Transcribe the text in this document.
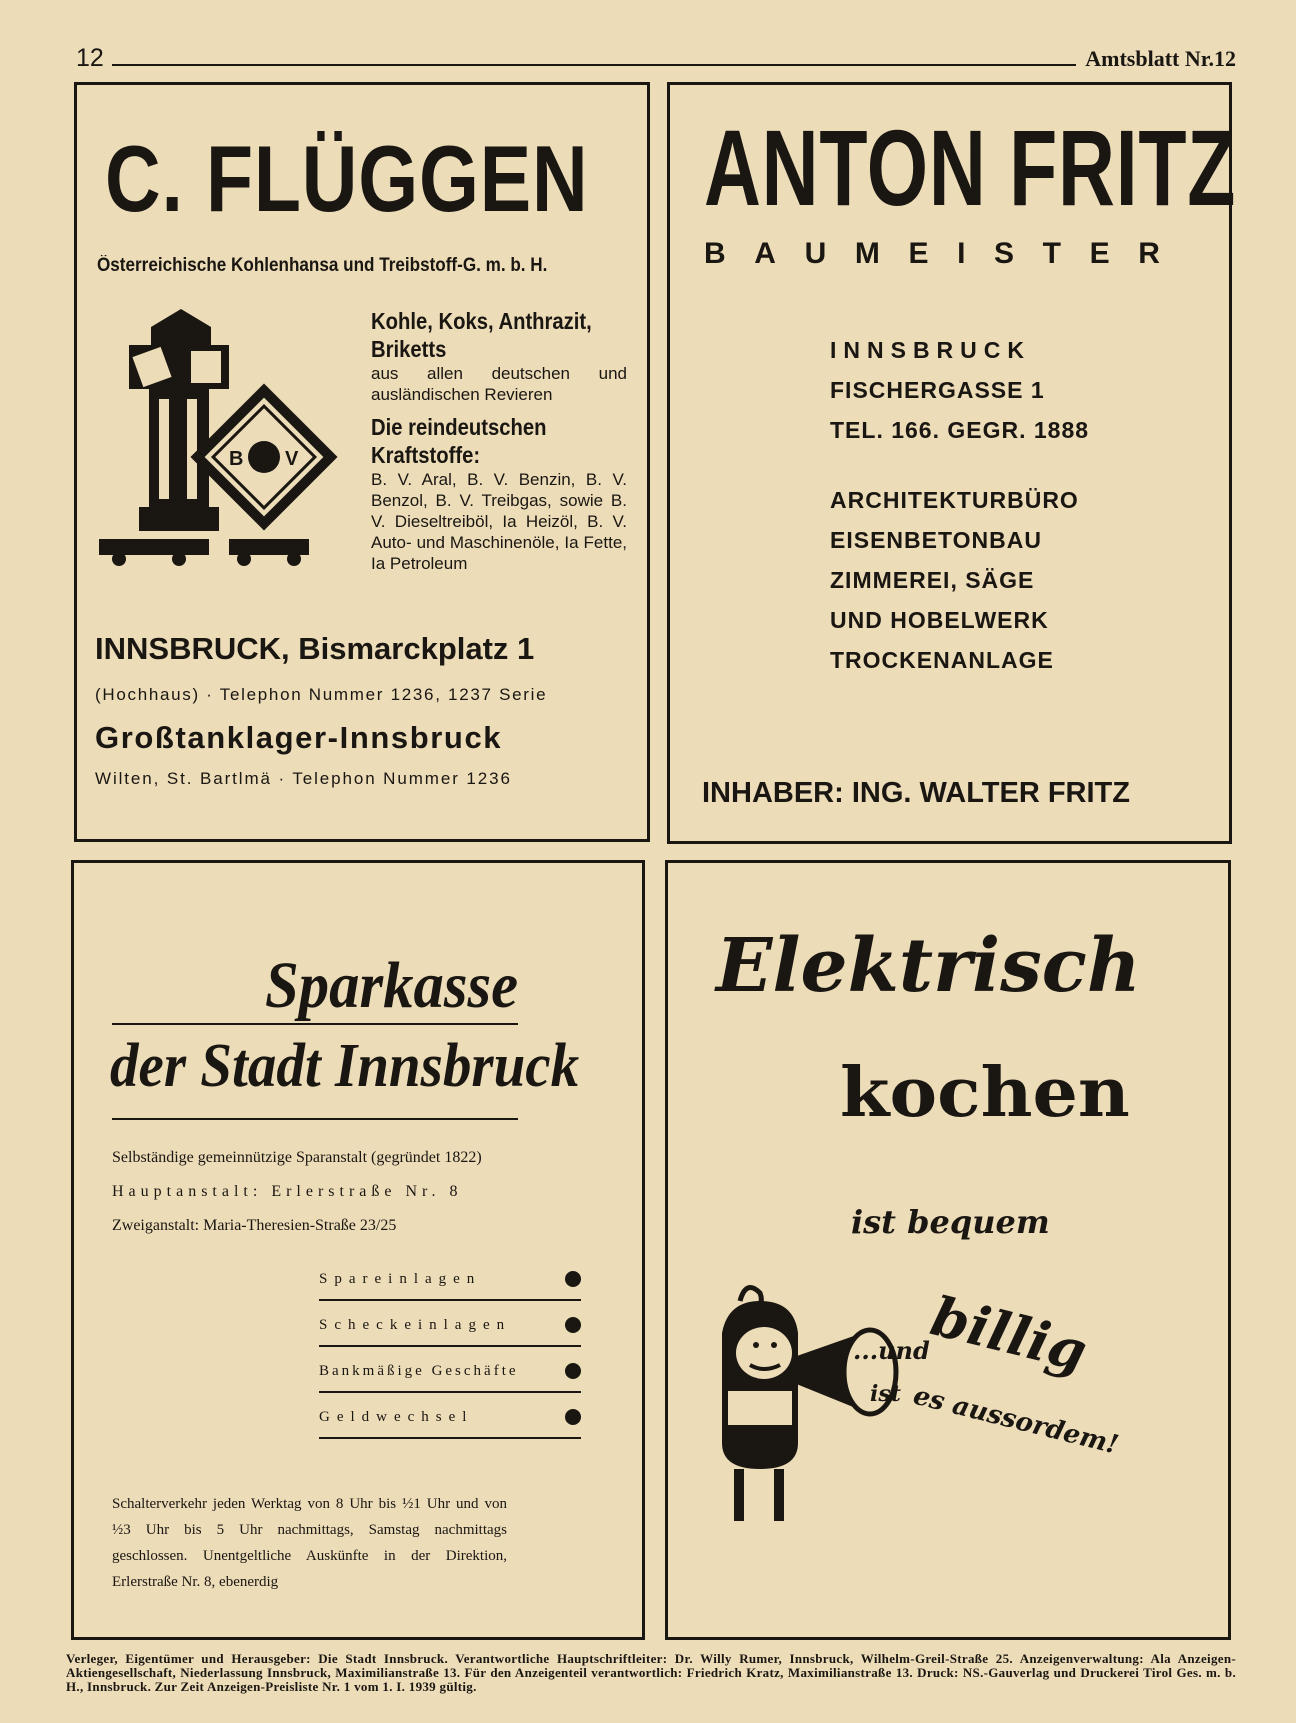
12	Amtsblatt Nr.12
C. FLÜGGEN
Österreichische Kohlenhansa und Treibstoff-G. m. b. H.
B V
Kohle, Koks, Anthrazit,
Briketts
aus allen deutschen und ausländischen Revieren
Die reindeutschen
Kraftstoffe:
B. V. Aral, B. V. Benzin, B. V. Benzol, B. V. Treibgas, sowie B. V. Dieseltreiböl, Ia Heizöl, B. V. Auto- und Maschinenöle, Ia Fette, Ia Petroleum
INNSBRUCK, Bismarckplatz 1
(Hochhaus) · Telephon Nummer 1236, 1237 Serie
Großtanklager-Innsbruck
Wilten, St. Bartlmä · Telephon Nummer 1236
ANTON FRITZ
B A U M E I S T E R
INNSBRUCK
FISCHERGASSE 1
TEL. 166. GEGR. 1888
ARCHITEKTURBÜRO
EISENBETONBAU
ZIMMEREI, SÄGE
UND HOBELWERK
TROCKENANLAGE
INHABER: ING. WALTER FRITZ
Sparkasse
der Stadt Innsbruck
Selbständige gemeinnützige Sparanstalt (gegründet 1822)
Hauptanstalt: Erlerstraße Nr. 8
Zweiganstalt: Maria-Theresien-Straße 23/25
Spareinlagen
Scheckeinlagen
Bankmäßige Geschäfte
Geldwechsel
Schalterverkehr jeden Werktag von 8 Uhr bis ½1 Uhr und von ½3 Uhr bis 5 Uhr nachmittags, Samstag nachmittags geschlossen. Unentgeltliche Auskünfte in der Direktion, Erlerstraße Nr. 8, ebenerdig
Elektrisch
kochen
ist bequem
...und
billig
ist es aussordem!
Verleger, Eigentümer und Herausgeber: Die Stadt Innsbruck. Verantwortliche Hauptschriftleiter: Dr. Willy Rumer, Innsbruck, Wilhelm-Greil-Straße 25. Anzeigenverwaltung: Ala Anzeigen-Aktiengesellschaft, Niederlassung Innsbruck, Maximilianstraße 13. Für den Anzeigenteil verantwortlich: Friedrich Kratz, Maximilianstraße 13. Druck: NS.-Gauverlag und Druckerei Tirol Ges. m. b. H., Innsbruck. Zur Zeit Anzeigen-Preisliste Nr. 1 vom 1. I. 1939 gültig.
